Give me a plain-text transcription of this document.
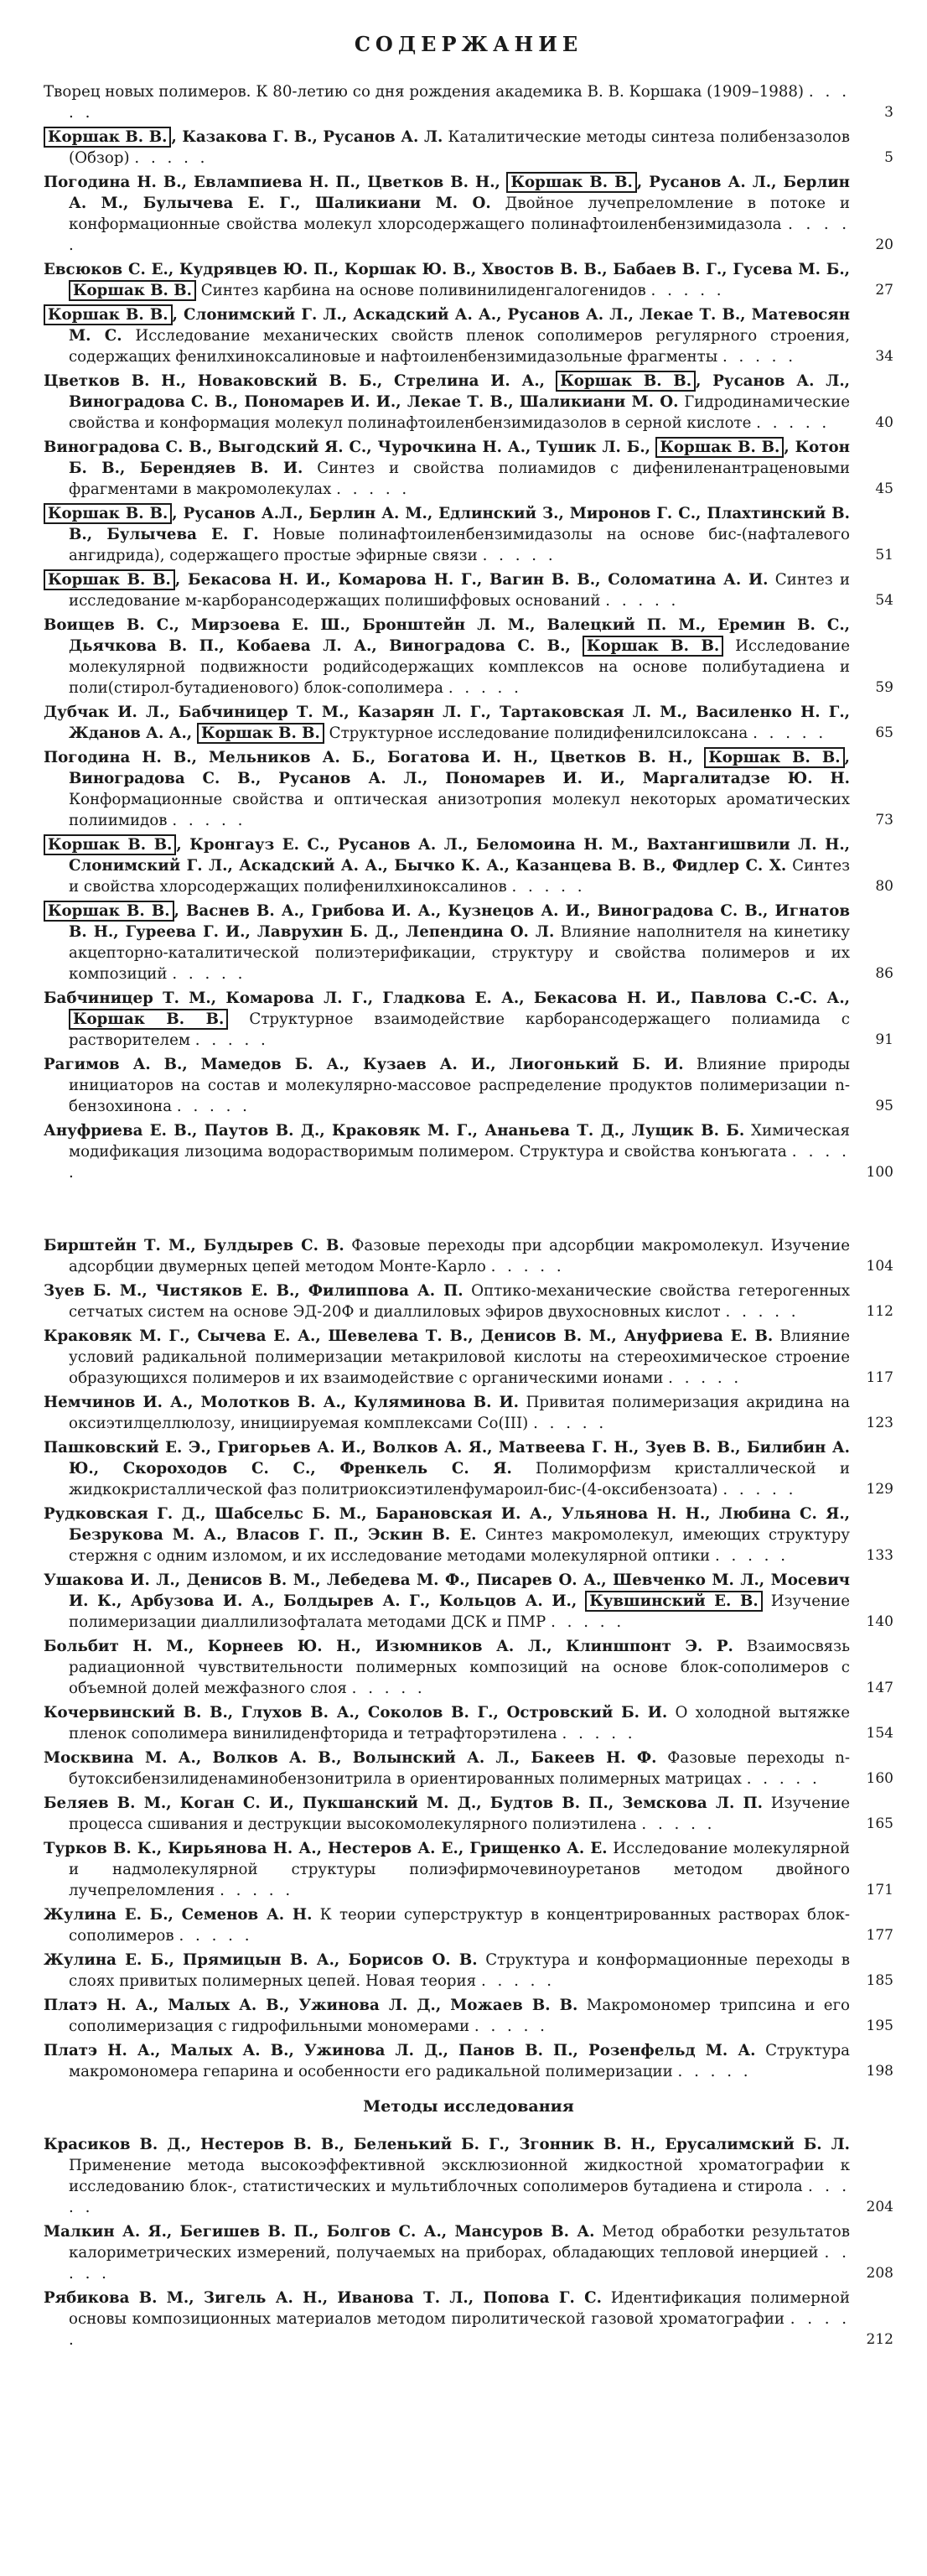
СОДЕРЖАНИЕ
Творец новых полимеров. К 80-летию со дня рождения академика В. В. Коршака (1909–1988) . . . . .	3
Коршак В. В. , Казакова Г. В., Русанов А. Л. Каталитические методы синтеза полибензазолов (Обзор) . . . . .	5
Погодина Н. В., Евлампиева Н. П., Цветков В. Н., Коршак В. В. , Русанов А. Л., Берлин А. М., Булычева Е. Г., Шаликиани М. О. Двойное лучепреломление в потоке и конформационные свойства молекул хлорсодержащего полинафтоиленбензимидазола . . . . .	20
Евсюков С. Е., Кудрявцев Ю. П., Коршак Ю. В., Хвостов В. В., Бабаев В. Г., Гусева М. Б., Коршак В. В. Синтез карбина на основе поливинилиденгалогенидов . . . . .	27
Коршак В. В. , Слонимский Г. Л., Аскадский А. А., Русанов А. Л., Лекае Т. В., Матевосян М. С. Исследование механических свойств пленок сополимеров регулярного строения, содержащих фенилхиноксалиновые и нафтоиленбензимидазольные фрагменты . . . . .	34
Цветков В. Н., Новаковский В. Б., Стрелина И. А., Коршак В. В. , Русанов А. Л., Виноградова С. В., Пономарев И. И., Лекае Т. В., Шаликиани М. О. Гидродинамические свойства и конформация молекул полинафтоиленбензимидазолов в серной кислоте . . . . .	40
Виноградова С. В., Выгодский Я. С., Чурочкина Н. А., Тушик Л. Б., Коршак В. В. , Котон Б. В., Берендяев В. И. Синтез и свойства полиамидов с дифениленантраценовыми фрагментами в макромолекулах . . . . .	45
Коршак В. В. , Русанов А.Л., Берлин А. М., Едлинский З., Миронов Г. С., Плахтинский В. В., Булычева Е. Г. Новые полинафтоиленбензимидазолы на основе бис-(нафталевого ангидрида), содержащего простые эфирные связи . . . . .	51
Коршак В. В. , Бекасова Н. И., Комарова Н. Г., Вагин В. В., Соломатина А. И. Синтез и исследование м-карборансодержащих полишиффовых оснований . . . . .	54
Воищев В. С., Мирзоева Е. Ш., Бронштейн Л. М., Валецкий П. М., Еремин В. С., Дьячкова В. П., Кобаева Л. А., Виноградова С. В., Коршак В. В. Исследование молекулярной подвижности родийсодержащих комплексов на основе полибутадиена и поли(стирол-бутадиенового) блок-сополимера . . . . .	59
Дубчак И. Л., Бабчиницер Т. М., Казарян Л. Г., Тартаковская Л. М., Василенко Н. Г., Жданов А. А., Коршак В. В. Структурное исследование полидифенилсилоксана . . . . .	65
Погодина Н. В., Мельников А. Б., Богатова И. Н., Цветков В. Н., Коршак В. В. , Виноградова С. В., Русанов А. Л., Пономарев И. И., Маргалитадзе Ю. Н. Конформационные свойства и оптическая анизотропия молекул некоторых ароматических полиимидов . . . . .	73
Коршак В. В. , Кронгауз Е. С., Русанов А. Л., Беломоина Н. М., Вахтангишвили Л. Н., Слонимский Г. Л., Аскадский А. А., Бычко К. А., Казанцева В. В., Фидлер С. Х. Синтез и свойства хлорсодержащих полифенилхиноксалинов . . . . .	80
Коршак В. В. , Васнев В. А., Грибова И. А., Кузнецов А. И., Виноградова С. В., Игнатов В. Н., Гуреева Г. И., Лаврухин Б. Д., Лепендина О. Л. Влияние наполнителя на кинетику акцепторно-каталитической полиэтерификации, структуру и свойства полимеров и их композиций . . . . .	86
Бабчиницер Т. М., Комарова Л. Г., Гладкова Е. А., Бекасова Н. И., Павлова С.-С. А., Коршак В. В. Структурное взаимодействие карборансодержащего полиамида с растворителем . . . . .	91
Рагимов А. В., Мамедов Б. А., Кузаев А. И., Лиогонький Б. И. Влияние природы инициаторов на состав и молекулярно-массовое распределение продуктов полимеризации n-бензохинона . . . . .	95
Ануфриева Е. В., Паутов В. Д., Краковяк М. Г., Ананьева Т. Д., Лущик В. Б. Химическая модификация лизоцима водорастворимым полимером. Структура и свойства конъюгата . . . . .	100
Бирштейн Т. М., Булдырев С. В. Фазовые переходы при адсорбции макромолекул. Изучение адсорбции двумерных цепей методом Монте-Карло . . . . .	104
Зуев Б. М., Чистяков Е. В., Филиппова А. П. Оптико-механические свойства гетерогенных сетчатых систем на основе ЭД-20Ф и диаллиловых эфиров двухосновных кислот . . . . .	112
Краковяк М. Г., Сычева Е. А., Шевелева Т. В., Денисов В. М., Ануфриева Е. В. Влияние условий радикальной полимеризации метакриловой кислоты на стереохимическое строение образующихся полимеров и их взаимодействие с органическими ионами . . . . .	117
Немчинов И. А., Молотков В. А., Куляминова В. И. Привитая полимеризация акридина на оксиэтилцеллюлозу, инициируемая комплексами Co(III) . . . . .	123
Пашковский Е. Э., Григорьев А. И., Волков А. Я., Матвеева Г. Н., Зуев В. В., Билибин А. Ю., Скороходов С. С., Френкель С. Я. Полиморфизм кристаллической и жидкокристаллической фаз политриоксиэтиленфумароил-бис-(4-оксибензоата) . . . . .	129
Рудковская Г. Д., Шабсельс Б. М., Барановская И. А., Ульянова Н. Н., Любина С. Я., Безрукова М. А., Власов Г. П., Эскин В. Е. Синтез макромолекул, имеющих структуру стержня с одним изломом, и их исследование методами молекулярной оптики . . . . .	133
Ушакова И. Л., Денисов В. М., Лебедева М. Ф., Писарев О. А., Шевченко М. Л., Мосевич И. К., Арбузова И. А., Болдырев А. Г., Кольцов А. И., Кувшинский Е. В. Изучение полимеризации диаллилизофталата методами ДСК и ПМР . . . . .	140
Больбит Н. М., Корнеев Ю. Н., Изюмников А. Л., Клиншпонт Э. Р. Взаимосвязь радиационной чувствительности полимерных композиций на основе блок-сополимеров с объемной долей межфазного слоя . . . . .	147
Кочервинский В. В., Глухов В. А., Соколов В. Г., Островский Б. И. О холодной вытяжке пленок сополимера винилиденфторида и тетрафторэтилена . . . . .	154
Москвина М. А., Волков А. В., Волынский А. Л., Бакеев Н. Ф. Фазовые переходы n-бутоксибензилиденаминобензонитрила в ориентированных полимерных матрицах . . . . .	160
Беляев В. М., Коган С. И., Пукшанский М. Д., Будтов В. П., Земскова Л. П. Изучение процесса сшивания и деструкции высокомолекулярного полиэтилена . . . . .	165
Турков В. К., Кирьянова Н. А., Нестеров А. Е., Грищенко А. Е. Исследование молекулярной и надмолекулярной структуры полиэфирмочевиноуретанов методом двойного лучепреломления . . . . .	171
Жулина Е. Б., Семенов А. Н. К теории суперструктур в концентрированных растворах блок-сополимеров . . . . .	177
Жулина Е. Б., Прямицын В. А., Борисов О. В. Структура и конформационные переходы в слоях привитых полимерных цепей. Новая теория . . . . .	185
Платэ Н. А., Малых А. В., Ужинова Л. Д., Можаев В. В. Макромономер трипсина и его сополимеризация с гидрофильными мономерами . . . . .	195
Платэ Н. А., Малых А. В., Ужинова Л. Д., Панов В. П., Розенфельд М. А. Структура макромономера гепарина и особенности его радикальной полимеризации . . . . .	198
Методы исследования
Красиков В. Д., Нестеров В. В., Беленький Б. Г., Згонник В. Н., Ерусалимский Б. Л. Применение метода высокоэффективной эксклюзионной жидкостной хроматографии к исследованию блок-, статистических и мультиблочных сополимеров бутадиена и стирола . . . . .	204
Малкин А. Я., Бегишев В. П., Болгов С. А., Мансуров В. А. Метод обработки результатов калориметрических измерений, получаемых на приборах, обладающих тепловой инерцией . . . . .	208
Рябикова В. М., Зигель А. Н., Иванова Т. Л., Попова Г. С. Идентификация полимерной основы композиционных материалов методом пиролитической газовой хроматографии . . . . .	212
